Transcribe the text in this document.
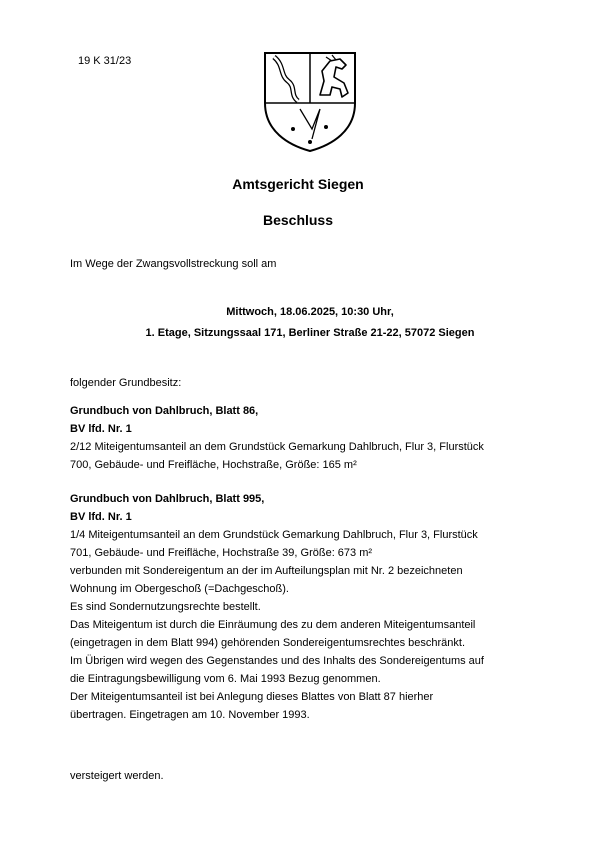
19 K 31/23
Amtsgericht Siegen
Beschluss
Im Wege der Zwangsvollstreckung soll am
Mittwoch, 18.06.2025, 10:30 Uhr,
1. Etage, Sitzungssaal 171, Berliner Straße 21-22, 57072 Siegen
folgender Grundbesitz:
Grundbuch von Dahlbruch, Blatt 86,
BV lfd. Nr. 1
2/12 Miteigentumsanteil an dem Grundstück Gemarkung Dahlbruch, Flur 3, Flurstück
700, Gebäude- und Freifläche, Hochstraße, Größe: 165 m²
Grundbuch von Dahlbruch, Blatt 995,
BV lfd. Nr. 1
1/4 Miteigentumsanteil an dem Grundstück Gemarkung Dahlbruch, Flur 3, Flurstück
701, Gebäude- und Freifläche, Hochstraße 39, Größe: 673 m²
verbunden mit Sondereigentum an der im Aufteilungsplan mit Nr. 2 bezeichneten
Wohnung im Obergeschoß (=Dachgeschoß).
Es sind Sondernutzungsrechte bestellt.
Das Miteigentum ist durch die Einräumung des zu dem anderen Miteigentumsanteil
(eingetragen in dem Blatt 994) gehörenden Sondereigentumsrechtes beschränkt.
Im Übrigen wird wegen des Gegenstandes und des Inhalts des Sondereigentums auf
die Eintragungsbewilligung vom 6. Mai 1993 Bezug genommen.
Der Miteigentumsanteil ist bei Anlegung dieses Blattes von Blatt 87 hierher
übertragen. Eingetragen am 10. November 1993.
versteigert werden.
